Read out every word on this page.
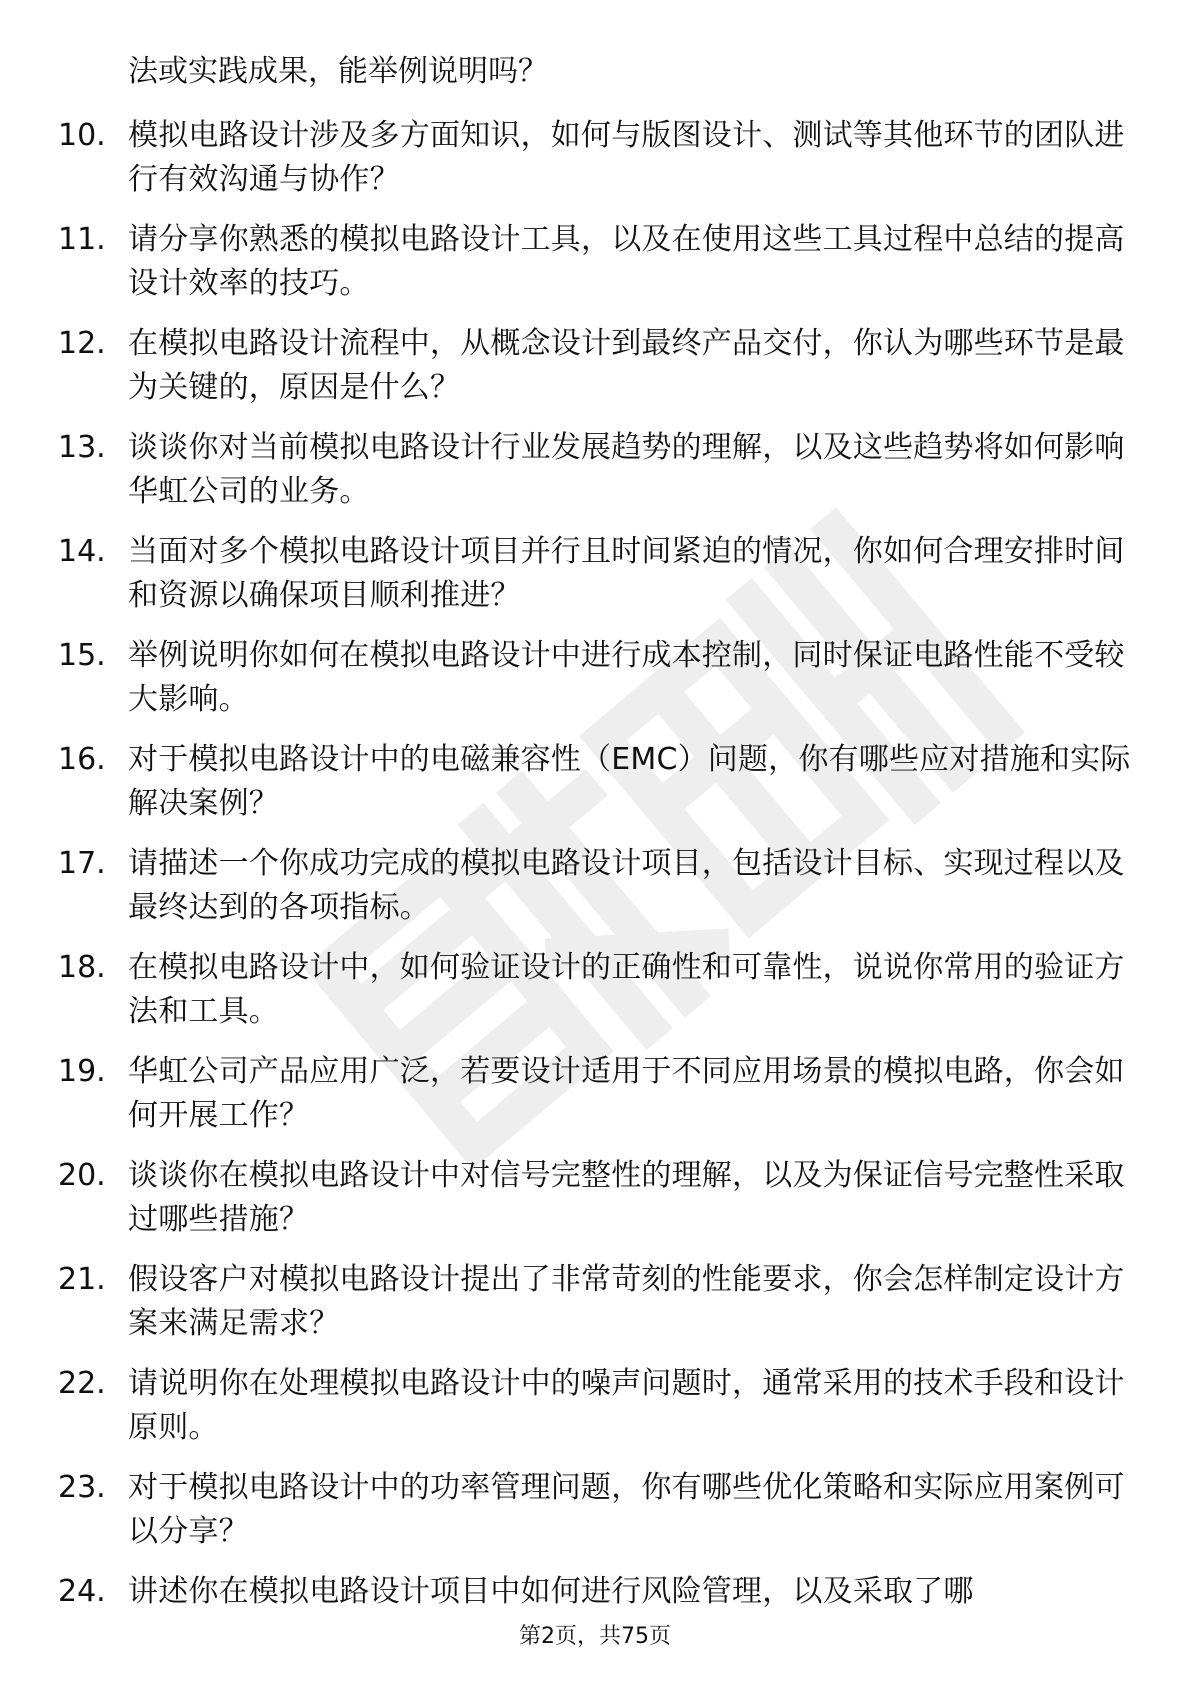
法或实践成果，能举例说明吗？

10. 模拟电路设计涉及多方面知识，如何与版图设计、测试等其他环节的团队进行有效沟通与协作？
11. 请分享你熟悉的模拟电路设计工具，以及在使用这些工具过程中总结的提高设计效率的技巧。
12. 在模拟电路设计流程中，从概念设计到最终产品交付，你认为哪些环节是最为关键的，原因是什么？
13. 谈谈你对当前模拟电路设计行业发展趋势的理解，以及这些趋势将如何影响华虹公司的业务。
14. 当面对多个模拟电路设计项目并行且时间紧迫的情况，你如何合理安排时间和资源以确保项目顺利推进？
15. 举例说明你如何在模拟电路设计中进行成本控制，同时保证电路性能不受较大影响。
16. 对于模拟电路设计中的电磁兼容性（EMC）问题，你有哪些应对措施和实际解决案例？
17. 请描述一个你成功完成的模拟电路设计项目，包括设计目标、实现过程以及最终达到的各项指标。
18. 在模拟电路设计中，如何验证设计的正确性和可靠性，说说你常用的验证方法和工具。
19. 华虹公司产品应用广泛，若要设计适用于不同应用场景的模拟电路，你会如何开展工作？
20. 谈谈你在模拟电路设计中对信号完整性的理解，以及为保证信号完整性采取过哪些措施？
21. 假设客户对模拟电路设计提出了非常苛刻的性能要求，你会怎样制定设计方案来满足需求？
22. 请说明你在处理模拟电路设计中的噪声问题时，通常采用的技术手段和设计原则。
23. 对于模拟电路设计中的功率管理问题，你有哪些优化策略和实际应用案例可以分享？
24. 讲述你在模拟电路设计项目中如何进行风险管理，以及采取了哪
第2页，共75页
